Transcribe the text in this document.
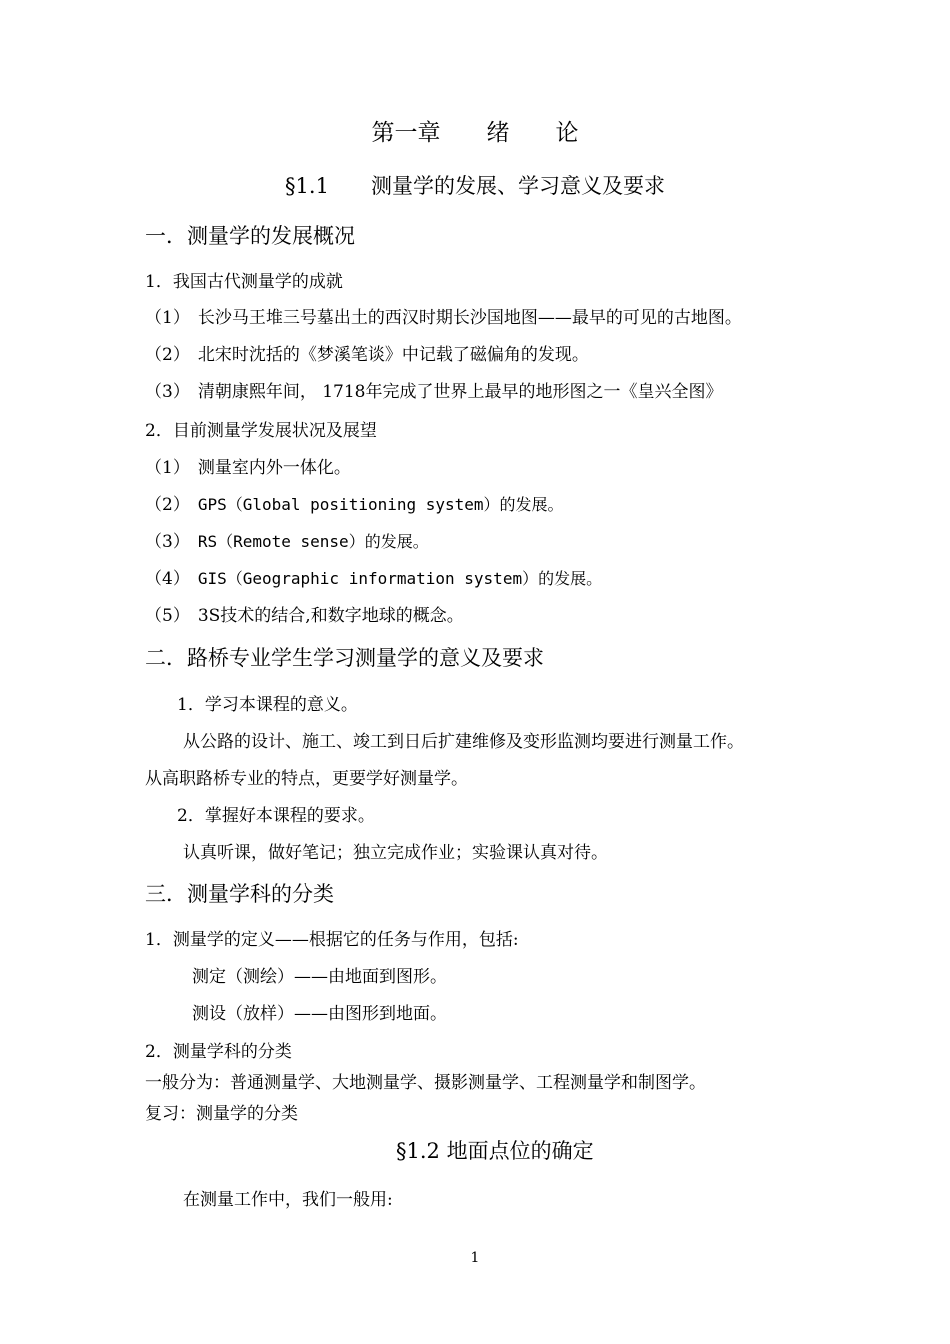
第一章　　绪　　论
§1.1　　测量学的发展、学习意义及要求
一．测量学的发展概况
1．我国古代测量学的成就
（1） 长沙马王堆三号墓出土的西汉时期长沙国地图——最早的可见的古地图。
（2） 北宋时沈括的《梦溪笔谈》中记载了磁偏角的发现。
（3） 清朝康熙年间， 1718年完成了世界上最早的地形图之一《皇兴全图》
2．目前测量学发展状况及展望
（1） 测量室内外一体化。
（2） GPS（Global positioning system）的发展。
（3） RS（Remote sense）的发展。
（4） GIS（Geographic information system）的发展。
（5） 3S技术的结合,和数字地球的概念。
二．路桥专业学生学习测量学的意义及要求
1．学习本课程的意义。
从公路的设计、施工、竣工到日后扩建维修及变形监测均要进行测量工作。
从高职路桥专业的特点，更要学好测量学。
2．掌握好本课程的要求。
认真听课，做好笔记；独立完成作业；实验课认真对待。
三．测量学科的分类
1．测量学的定义——根据它的任务与作用，包括:
测定（测绘）——由地面到图形。
测设（放样）——由图形到地面。
2．测量学科的分类
一般分为：普通测量学、大地测量学、摄影测量学、工程测量学和制图学。
复习：测量学的分类
§1.2 地面点位的确定
在测量工作中，我们一般用:
1
